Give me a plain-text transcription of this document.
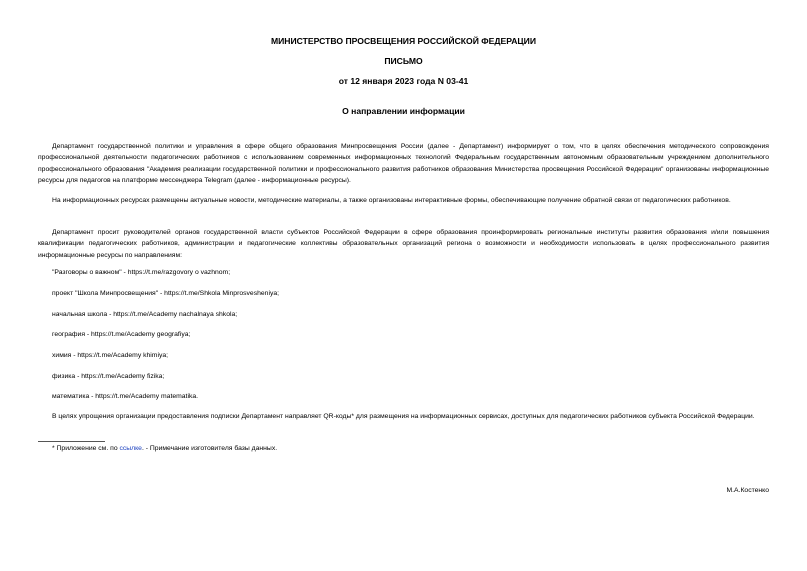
МИНИСТЕРСТВО ПРОСВЕЩЕНИЯ РОССИЙСКОЙ ФЕДЕРАЦИИ
ПИСЬМО
от 12 января 2023 года N 03-41
О направлении информации
Департамент государственной политики и управления в сфере общего образования Минпросвещения России (далее - Департамент) информирует о том, что в целях обеспечения методического сопровождения профессиональной деятельности педагогических работников с использованием современных информационных технологий Федеральным государственным автономным образовательным учреждением дополнительного профессионального образования "Академия реализации государственной политики и профессионального развития работников образования Министерства просвещения Российской Федерации" организованы информационные ресурсы для педагогов на платформе мессенджера Telegram (далее - информационные ресурсы).
На информационных ресурсах размещены актуальные новости, методические материалы, а также организованы интерактивные формы, обеспечивающие получение обратной связи от педагогических работников.
Департамент просит руководителей органов государственной власти субъектов Российской Федерации в сфере образования проинформировать региональные институты развития образования и/или повышения квалификации педагогических работников, администрации и педагогические коллективы образовательных организаций региона о возможности и необходимости использовать в целях профессионального развития информационные ресурсы по направлениям:
"Разговоры о важном" - https://t.me/razgovory o vazhnom;
проект "Школа Минпросвещения" - https://t.me/Shkola Minprosvesheniya;
начальная школа - https://t.me/Academy nachalnaya shkola;
география - https://t.me/Academy geografiya;
химия - https://t.me/Academy khimiya;
физика - https://t.me/Academy fizika;
математика - https://t.me/Academy matematika.
В целях упрощения организации предоставления подписки Департамент направляет QR-коды* для размещения на информационных сервисах, доступных для педагогических работников субъекта Российской Федерации.
* Приложение см. по ссылке. - Примечание изготовителя базы данных.
М.А.Костенко
